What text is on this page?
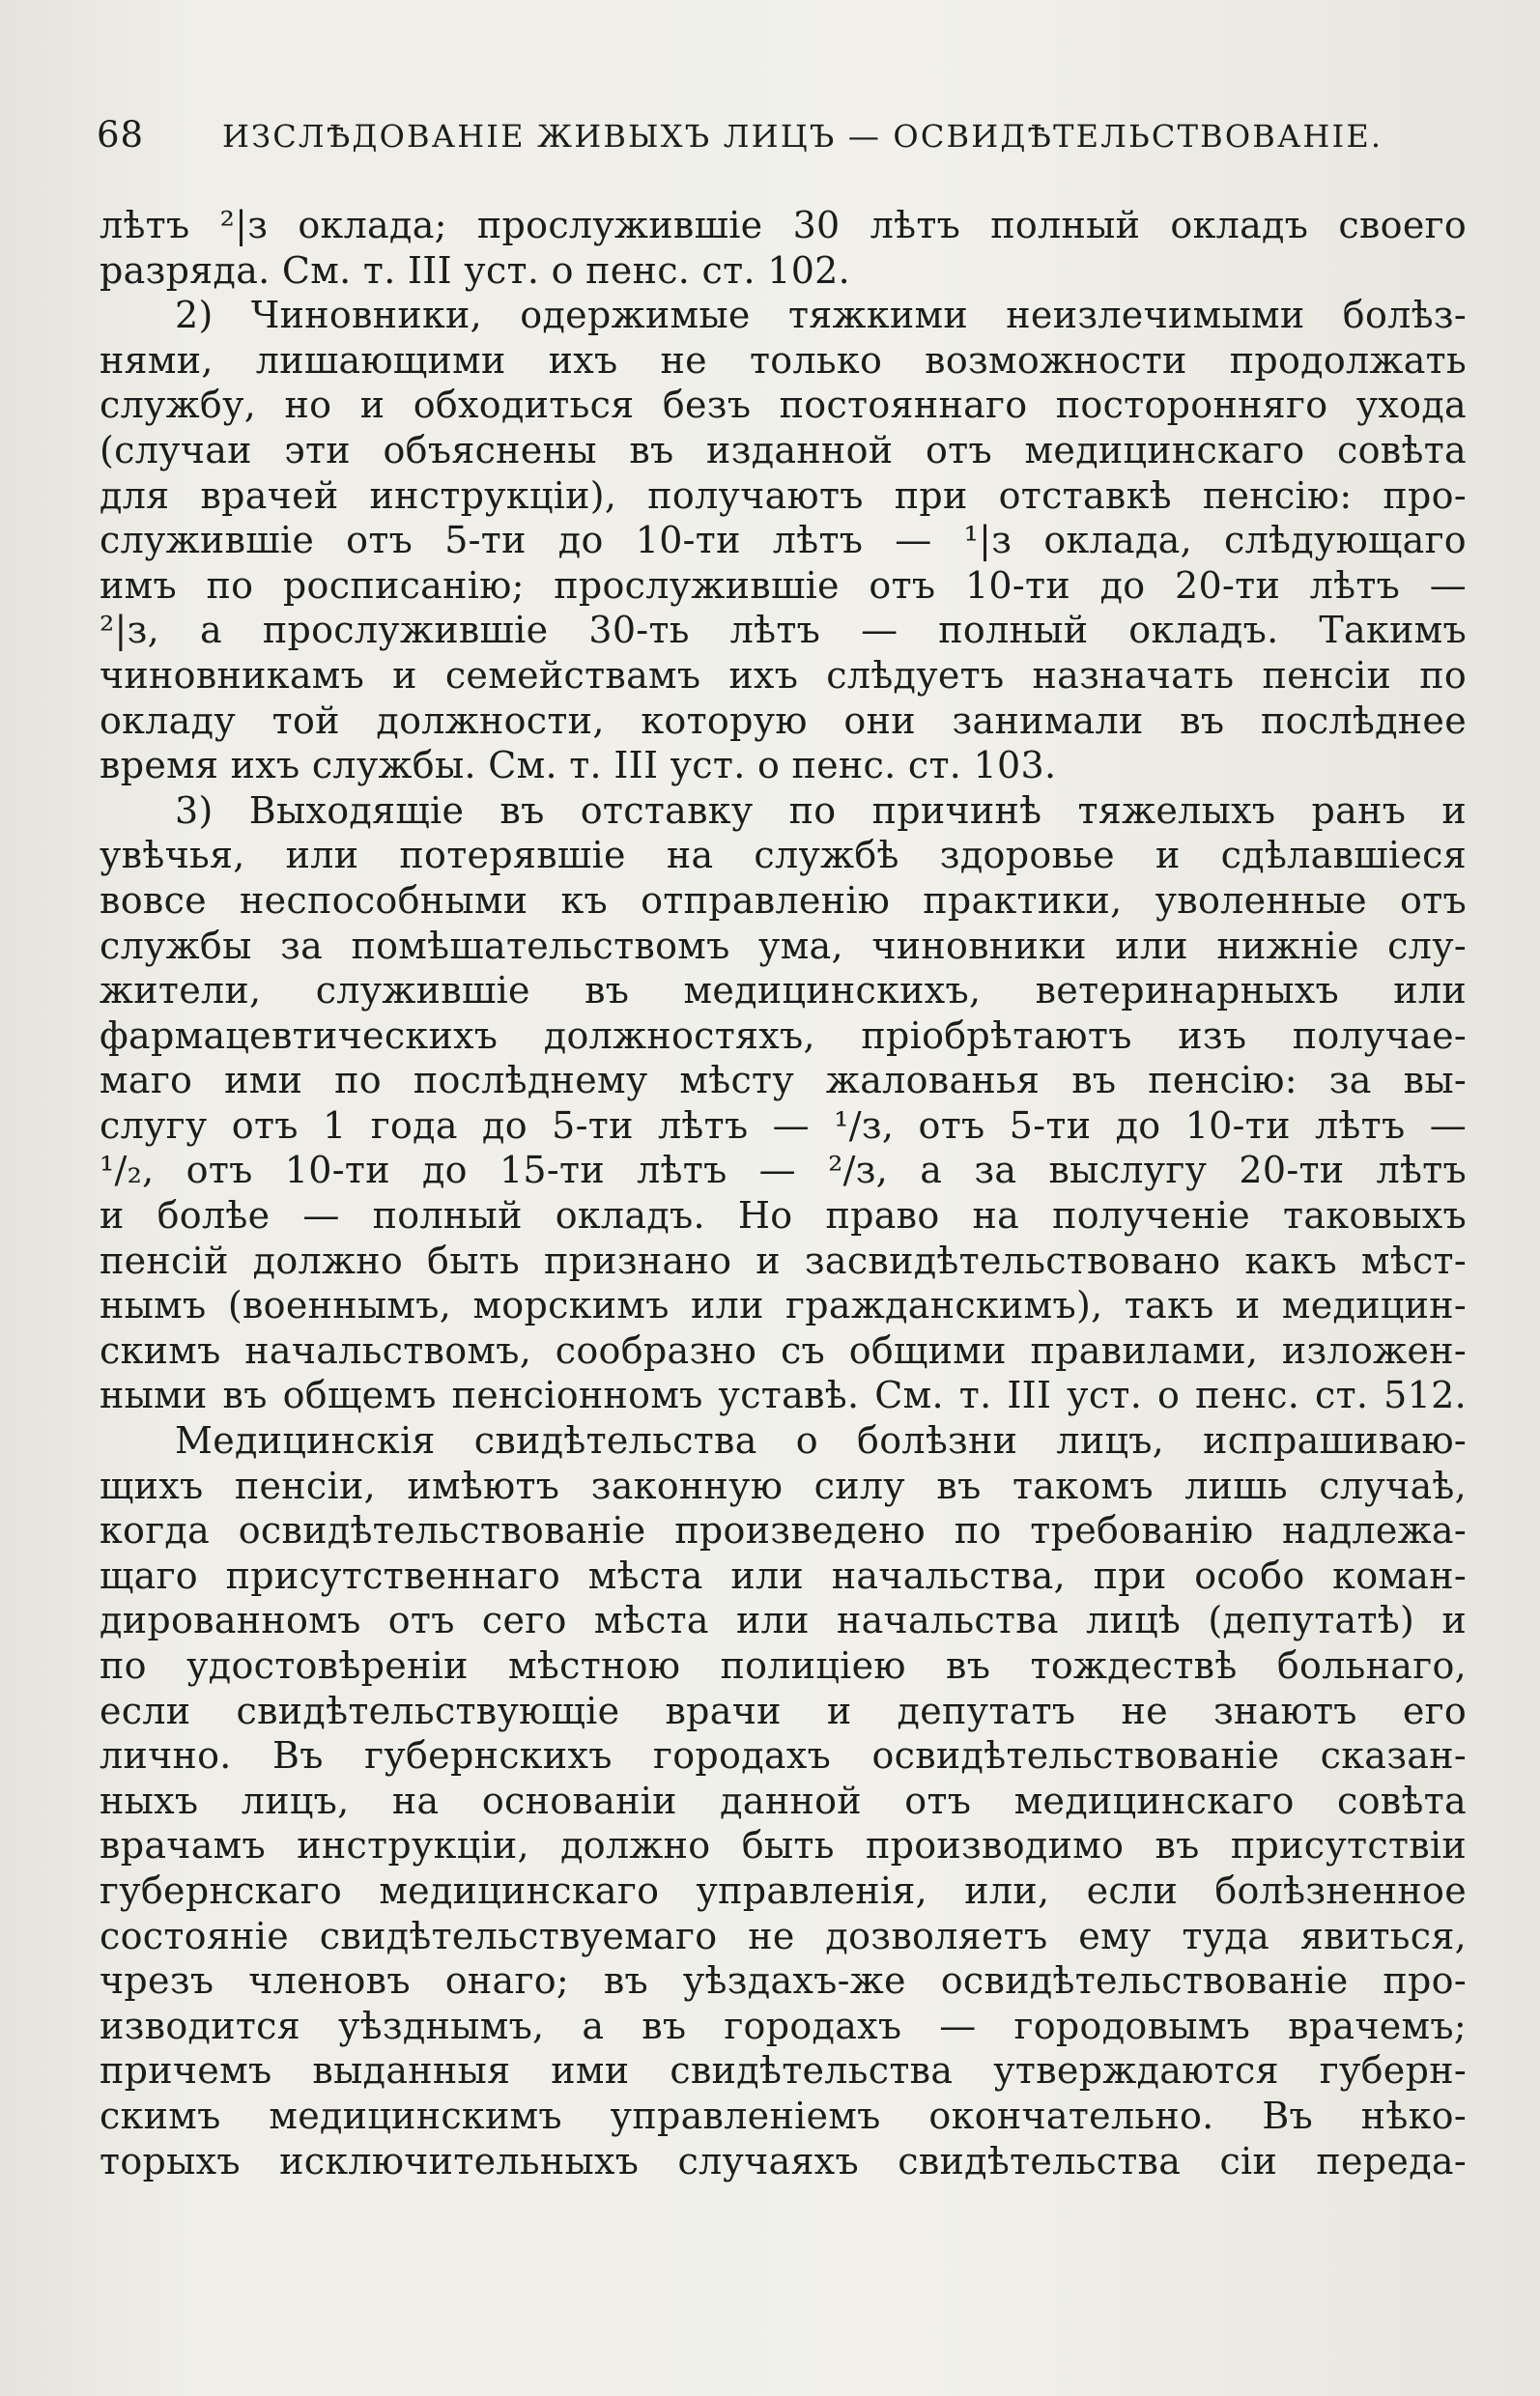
68	ИЗСЛѢДОВАНІЕ ЖИВЫХЪ ЛИЦЪ — ОСВИДѢТЕЛЬСТВОВАНІЕ.
лѣтъ ²|з оклада; прослужившіе 30 лѣтъ полный окладъ своего
разряда. См. т. III уст. о пенс. ст. 102.
2) Чиновники, одержимые тяжкими неизлечимыми болѣз-
нями, лишающими ихъ не только возможности продолжать
службу, но и обходиться безъ постояннаго посторонняго ухода
(случаи эти объяснены въ изданной отъ медицинскаго совѣта
для врачей инструкціи), получаютъ при отставкѣ пенсію: про-
служившіе отъ 5-ти до 10-ти лѣтъ — ¹|з оклада, слѣдующаго
имъ по росписанію; прослужившіе отъ 10-ти до 20-ти лѣтъ —
²|з, а прослужившіе 30-ть лѣтъ — полный окладъ. Такимъ
чиновникамъ и семействамъ ихъ слѣдуетъ назначать пенсіи по
окладу той должности, которую они занимали въ послѣднее
время ихъ службы. См. т. III уст. о пенс. ст. 103.
3) Выходящіе въ отставку по причинѣ тяжелыхъ ранъ и
увѣчья, или потерявшіе на службѣ здоровье и сдѣлавшіеся
вовсе неспособными къ отправленію практики, уволенные отъ
службы за помѣшательствомъ ума, чиновники или нижніе слу-
жители, служившіе въ медицинскихъ, ветеринарныхъ или
фармацевтическихъ должностяхъ, пріобрѣтаютъ изъ получае-
маго ими по послѣднему мѣсту жалованья въ пенсію: за вы-
слугу отъ 1 года до 5-ти лѣтъ — ¹/з, отъ 5-ти до 10-ти лѣтъ —
¹/₂, отъ 10-ти до 15-ти лѣтъ — ²/з, а за выслугу 20-ти лѣтъ
и болѣе — полный окладъ. Но право на полученіе таковыхъ
пенсій должно быть признано и засвидѣтельствовано какъ мѣст-
нымъ (военнымъ, морскимъ или гражданскимъ), такъ и медицин-
скимъ начальствомъ, сообразно съ общими правилами, изложен-
ными въ общемъ пенсіонномъ уставѣ. См. т. III уст. о пенс. ст. 512.
Медицинскія свидѣтельства о болѣзни лицъ, испрашиваю-
щихъ пенсіи, имѣютъ законную силу въ такомъ лишь случаѣ,
когда освидѣтельствованіе произведено по требованію надлежа-
щаго присутственнаго мѣста или начальства, при особо коман-
дированномъ отъ сего мѣста или начальства лицѣ (депутатѣ) и
по удостовѣреніи мѣстною полиціею въ тождествѣ больнаго,
если свидѣтельствующіе врачи и депутатъ не знаютъ его
лично. Въ губернскихъ городахъ освидѣтельствованіе сказан-
ныхъ лицъ, на основаніи данной отъ медицинскаго совѣта
врачамъ инструкціи, должно быть производимо въ присутствіи
губернскаго медицинскаго управленія, или, если болѣзненное
состояніе свидѣтельствуемаго не дозволяетъ ему туда явиться,
чрезъ членовъ онаго; въ уѣздахъ-же освидѣтельствованіе про-
изводится уѣзднымъ, а въ городахъ — городовымъ врачемъ;
причемъ выданныя ими свидѣтельства утверждаются губерн-
скимъ медицинскимъ управленіемъ окончательно. Въ нѣко-
торыхъ исключительныхъ случаяхъ свидѣтельства сіи переда-
